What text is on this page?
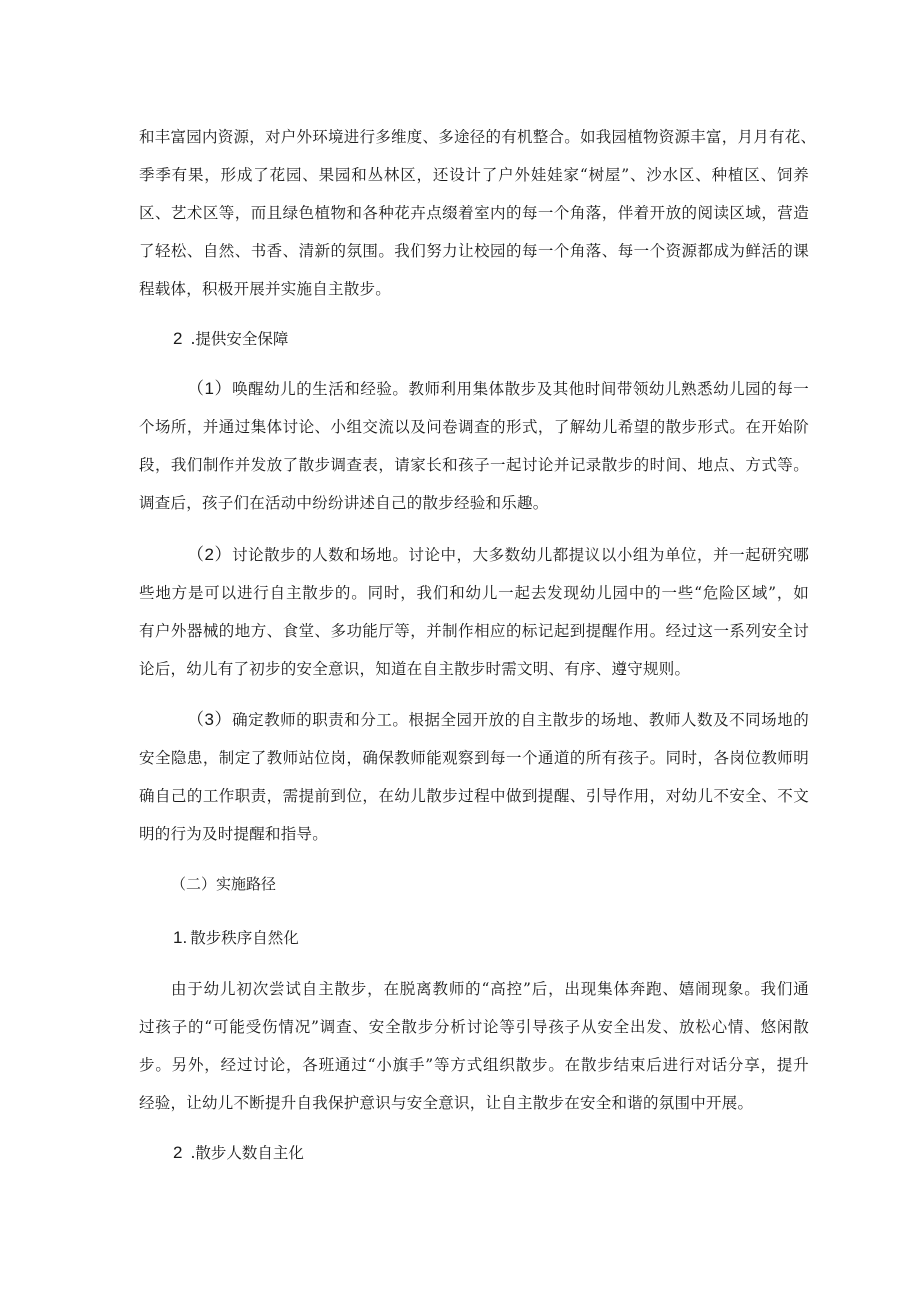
和丰富园内资源，对户外环境进行多维度、多途径的有机整合。如我园植物资源丰富，月月有花、
季季有果，形成了花园、果园和丛林区，还设计了户外娃娃家“树屋”、沙水区、种植区、饲养
区、艺术区等，而且绿色植物和各种花卉点缀着室内的每一个角落，伴着开放的阅读区域，营造
了轻松、自然、书香、清新的氛围。我们努力让校园的每一个角落、每一个资源都成为鲜活的课
程载体，积极开展并实施自主散步。
2 .提供安全保障
（1）唤醒幼儿的生活和经验。教师利用集体散步及其他时间带领幼儿熟悉幼儿园的每一
个场所，并通过集体讨论、小组交流以及问卷调查的形式，了解幼儿希望的散步形式。在开始阶
段，我们制作并发放了散步调查表，请家长和孩子一起讨论并记录散步的时间、地点、方式等。
调查后，孩子们在活动中纷纷讲述自己的散步经验和乐趣。
（2）讨论散步的人数和场地。讨论中，大多数幼儿都提议以小组为单位，并一起研究哪
些地方是可以进行自主散步的。同时，我们和幼儿一起去发现幼儿园中的一些“危险区域”，如
有户外器械的地方、食堂、多功能厅等，并制作相应的标记起到提醒作用。经过这一系列安全讨
论后，幼儿有了初步的安全意识，知道在自主散步时需文明、有序、遵守规则。
（3）确定教师的职责和分工。根据全园开放的自主散步的场地、教师人数及不同场地的
安全隐患，制定了教师站位岗，确保教师能观察到每一个通道的所有孩子。同时，各岗位教师明
确自己的工作职责，需提前到位，在幼儿散步过程中做到提醒、引导作用，对幼儿不安全、不文
明的行为及时提醒和指导。
（二）实施路径
1. 散步秩序自然化
由于幼儿初次尝试自主散步，在脱离教师的“高控”后，出现集体奔跑、嬉闹现象。我们通
过孩子的“可能受伤情况”调查、安全散步分析讨论等引导孩子从安全出发、放松心情、悠闲散
步。另外，经过讨论，各班通过“小旗手”等方式组织散步。在散步结束后进行对话分享，提升
经验，让幼儿不断提升自我保护意识与安全意识，让自主散步在安全和谐的氛围中开展。
2 .散步人数自主化
